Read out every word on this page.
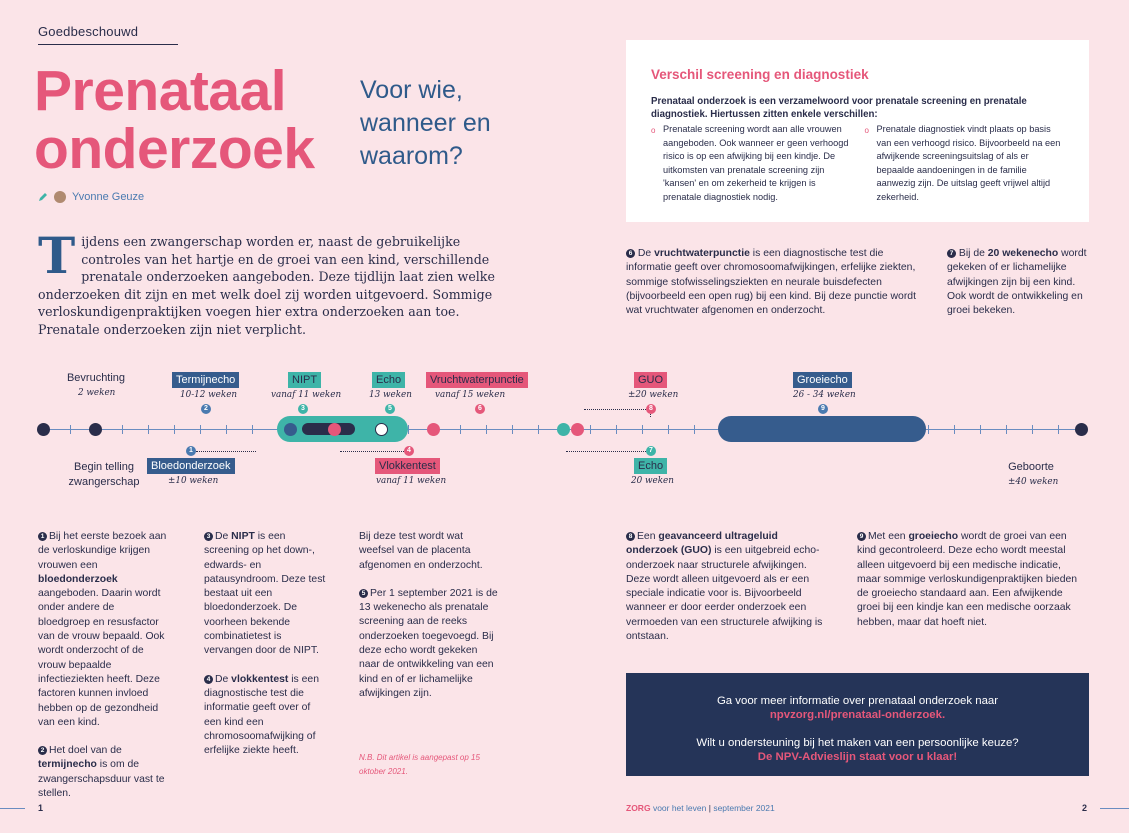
Goedbeschouwd
Prenataal
onderzoek
Voor wie,
wanneer en
waarom?
Yvonne Geuze
Tijdens een zwangerschap worden er, naast de gebruikelijke controles van het hartje en de groei van een kind, verschillende prenatale onderzoeken aangeboden. Deze tijdlijn laat zien welke onderzoeken dit zijn en met welk doel zij worden uitgevoerd. Sommige verloskundigenpraktijken voegen hier extra onderzoeken aan toe. Prenatale onderzoeken zijn niet verplicht.
Verschil screening en diagnostiek
Prenataal onderzoek is een verzamelwoord voor prenatale screening en prenatale diagnostiek. Hiertussen zitten enkele verschillen:
o Prenatale screening wordt aan alle vrouwen aangeboden. Ook wanneer er geen verhoogd risico is op een afwijking bij een kindje. De uitkomsten van prenatale screening zijn 'kansen' en om zekerheid te krijgen is prenatale diagnostiek nodig.
o Prenatale diagnostiek vindt plaats op basis van een verhoogd risico. Bijvoorbeeld na een afwijkende screeningsuitslag of als er bepaalde aandoeningen in de familie aanwezig zijn. De uitslag geeft vrijwel altijd zekerheid.
6 De vruchtwaterpunctie is een diagnostische test die informatie geeft over chromosoomafwijkingen, erfelijke ziekten, sommige stofwisselingsziekten en neurale buisdefecten (bijvoorbeeld een open rug) bij een kind. Bij deze punctie wordt wat vruchtwater afgenomen en onderzocht.
7 Bij de 20 wekenecho wordt gekeken of er lichamelijke afwijkingen zijn bij een kind. Ook wordt de ontwikkeling en groei bekeken.
Bevruchting
2 weken
Termijnecho
10-12 weken
2
NIPT
vanaf 11 weken
3
Echo
13 weken
5
Vruchtwaterpunctie
vanaf 15 weken
6
GUO
±20 weken
8
Groeiecho
26 - 34 weken
9
Begin telling zwangerschap
1
Bloedonderzoek
±10 weken
4
Vlokkentest
vanaf 11 weken
7
Echo
20 weken
Geboorte
±40 weken

1 Bij het eerste bezoek aan de verloskundige krijgen vrouwen een bloedonderzoek aangeboden. Daarin wordt onder andere de bloedgroep en resusfactor van de vrouw bepaald. Ook wordt onderzocht of de vrouw bepaalde infectieziekten heeft. Deze factoren kunnen invloed hebben op de gezondheid van een kind.

2 Het doel van de termijnecho is om de zwangerschapsduur vast te stellen.

3 De NIPT is een screening op het down-, edwards- en patausyndroom. Deze test bestaat uit een bloedonderzoek. De voorheen bekende combinatietest is vervangen door de NIPT.

4 De vlokkentest is een diagnostische test die informatie geeft over of een kind een chromosoomafwijking of erfelijke ziekte heeft.

Bij deze test wordt wat weefsel van de placenta afgenomen en onderzocht.

5 Per 1 september 2021 is de 13 wekenecho als prenatale screening aan de reeks onderzoeken toegevoegd. Bij deze echo wordt gekeken naar de ontwikkeling van een kind en of er lichamelijke afwijkingen zijn.

N.B. Dit artikel is aangepast op 15 oktober 2021.

8 Een geavanceerd ultrageluid onderzoek (GUO) is een uitgebreid echo-onderzoek naar structurele afwijkingen. Deze wordt alleen uitgevoerd als er een speciale indicatie voor is. Bijvoorbeeld wanneer er door eerder onderzoek een vermoeden van een structurele afwijking is ontstaan.

9 Met een groeiecho wordt de groei van een kind gecontroleerd. Deze echo wordt meestal alleen uitgevoerd bij een medische indicatie, maar sommige verloskundigenpraktijken bieden de groeiecho standaard aan. Een afwijkende groei bij een kindje kan een medische oorzaak hebben, maar dat hoeft niet.

Ga voor meer informatie over prenataal onderzoek naar
npvzorg.nl/prenataal-onderzoek.
Wilt u ondersteuning bij het maken van een persoonlijke keuze?
De NPV-Advieslijn staat voor u klaar!
1	2
ZORG voor het leven | september 2021
